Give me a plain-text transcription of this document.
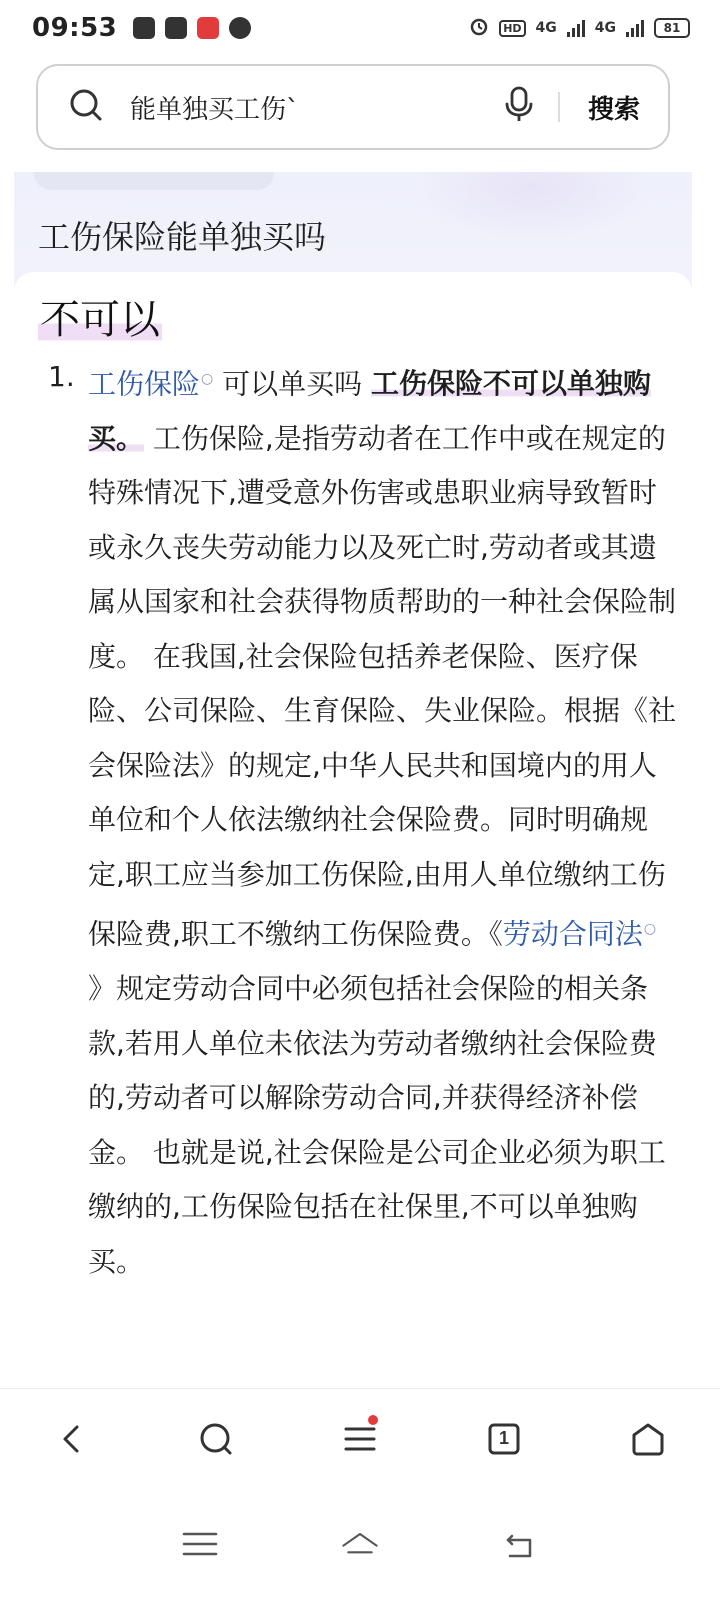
09:53	HD 4G	4G	81
能单独买工伤`
搜索
工伤保险能单独买吗
不可以
1. 工伤保险○ 可以单买吗 工伤保险不可以单独购买。 工伤保险,是指劳动者在工作中或在规定的特殊情况下,遭受意外伤害或患职业病导致暂时或永久丧失劳动能力以及死亡时,劳动者或其遗属从国家和社会获得物质帮助的一种社会保险制度。 在我国,社会保险包括养老保险、医疗保险、公司保险、生育保险、失业保险。根据《社会保险法》的规定,中华人民共和国境内的用人单位和个人依法缴纳社会保险费。同时明确规定,职工应当参加工伤保险,由用人单位缴纳工伤保险费,职工不缴纳工伤保险费。《劳动合同法○ 》规定劳动合同中必须包括社会保险的相关条款,若用人单位未依法为劳动者缴纳社会保险费的,劳动者可以解除劳动合同,并获得经济补偿金。 也就是说,社会保险是公司企业必须为职工缴纳的,工伤保险包括在社保里,不可以单独购买。
1
